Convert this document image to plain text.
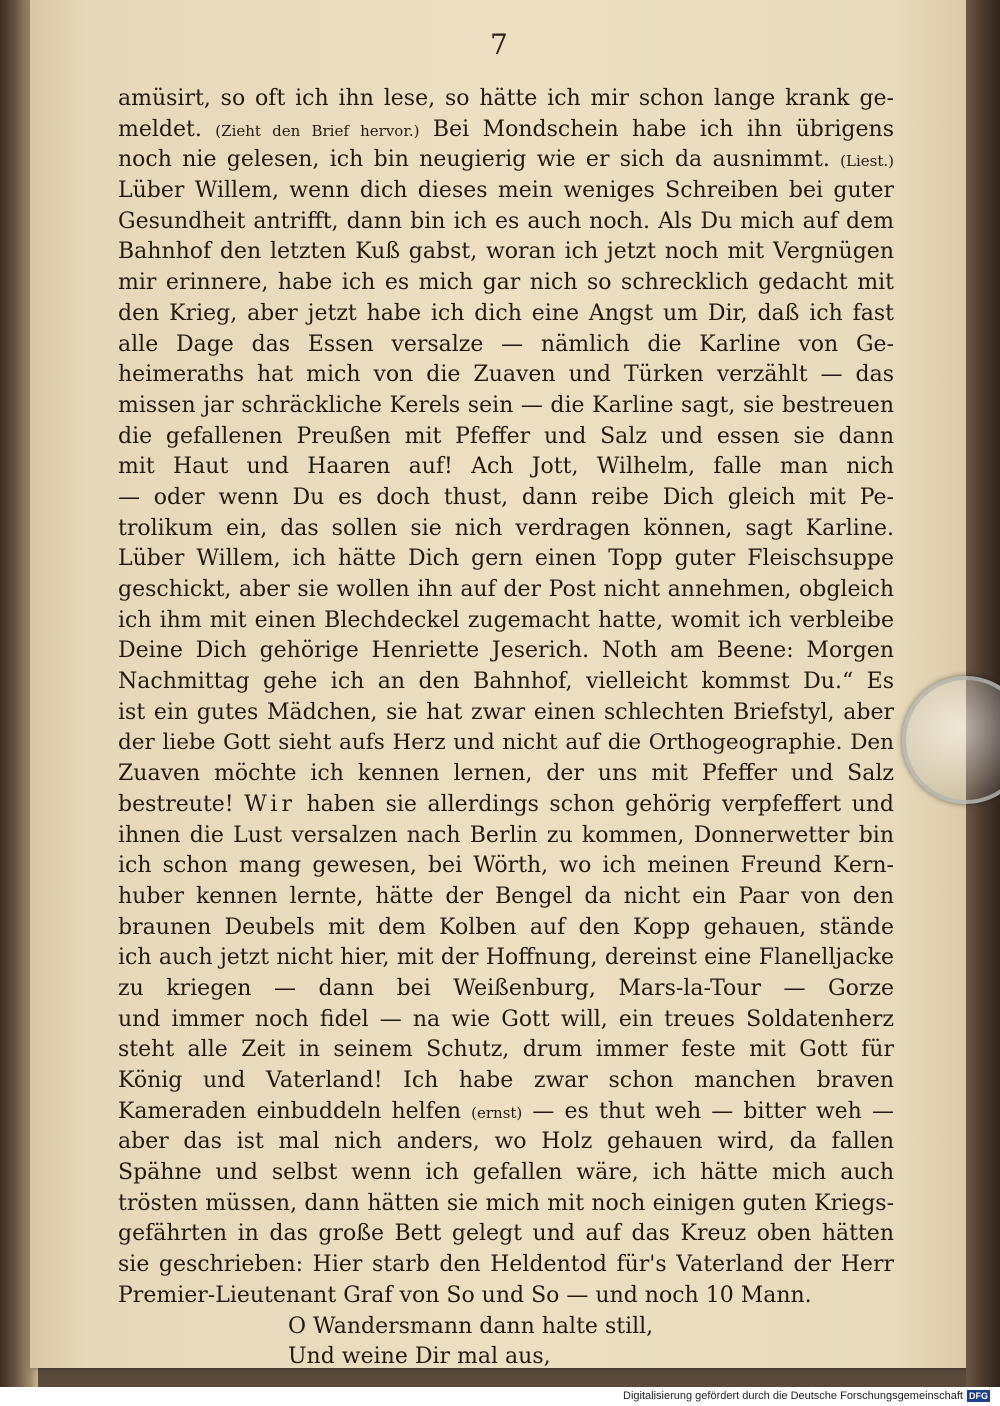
7
amüsirt, so oft ich ihn lese, so hätte ich mir schon lange krank ge-
meldet. (Zieht den Brief hervor.) Bei Mondschein habe ich ihn übrigens
noch nie gelesen, ich bin neugierig wie er sich da ausnimmt. (Liest.)
Lüber Willem, wenn dich dieses mein weniges Schreiben bei guter
Gesundheit antrifft, dann bin ich es auch noch. Als Du mich auf dem
Bahnhof den letzten Kuß gabst, woran ich jetzt noch mit Vergnügen
mir erinnere, habe ich es mich gar nich so schrecklich gedacht mit
den Krieg, aber jetzt habe ich dich eine Angst um Dir, daß ich fast
alle Dage das Essen versalze — nämlich die Karline von Ge-
heimeraths hat mich von die Zuaven und Türken verzählt — das
missen jar schräckliche Kerels sein — die Karline sagt, sie bestreuen
die gefallenen Preußen mit Pfeffer und Salz und essen sie dann
mit Haut und Haaren auf! Ach Jott, Wilhelm, falle man nich
— oder wenn Du es doch thust, dann reibe Dich gleich mit Pe-
trolikum ein, das sollen sie nich verdragen können, sagt Karline.
Lüber Willem, ich hätte Dich gern einen Topp guter Fleischsuppe
geschickt, aber sie wollen ihn auf der Post nicht annehmen, obgleich
ich ihm mit einen Blechdeckel zugemacht hatte, womit ich verbleibe
Deine Dich gehörige Henriette Jeserich. Noth am Beene: Morgen
Nachmittag gehe ich an den Bahnhof, vielleicht kommst Du.“ Es
ist ein gutes Mädchen, sie hat zwar einen schlechten Briefstyl, aber
der liebe Gott sieht aufs Herz und nicht auf die Orthogeographie. Den
Zuaven möchte ich kennen lernen, der uns mit Pfeffer und Salz
bestreute! Wir haben sie allerdings schon gehörig verpfeffert und
ihnen die Lust versalzen nach Berlin zu kommen, Donnerwetter bin
ich schon mang gewesen, bei Wörth, wo ich meinen Freund Kern-
huber kennen lernte, hätte der Bengel da nicht ein Paar von den
braunen Deubels mit dem Kolben auf den Kopp gehauen, stände
ich auch jetzt nicht hier, mit der Hoffnung, dereinst eine Flanelljacke
zu kriegen — dann bei Weißenburg, Mars-la-Tour — Gorze
und immer noch fidel — na wie Gott will, ein treues Soldatenherz
steht alle Zeit in seinem Schutz, drum immer feste mit Gott für
König und Vaterland! Ich habe zwar schon manchen braven
Kameraden einbuddeln helfen (ernst) — es thut weh — bitter weh —
aber das ist mal nich anders, wo Holz gehauen wird, da fallen
Spähne und selbst wenn ich gefallen wäre, ich hätte mich auch
trösten müssen, dann hätten sie mich mit noch einigen guten Kriegs-
gefährten in das große Bett gelegt und auf das Kreuz oben hätten
sie geschrieben: Hier starb den Heldentod für's Vaterland der Herr
Premier-Lieutenant Graf von So und So — und noch 10 Mann.
O Wandersmann dann halte still,
Und weine Dir mal aus,
Digitalisierung gefördert durch die Deutsche Forschungsgemeinschaft DFG
